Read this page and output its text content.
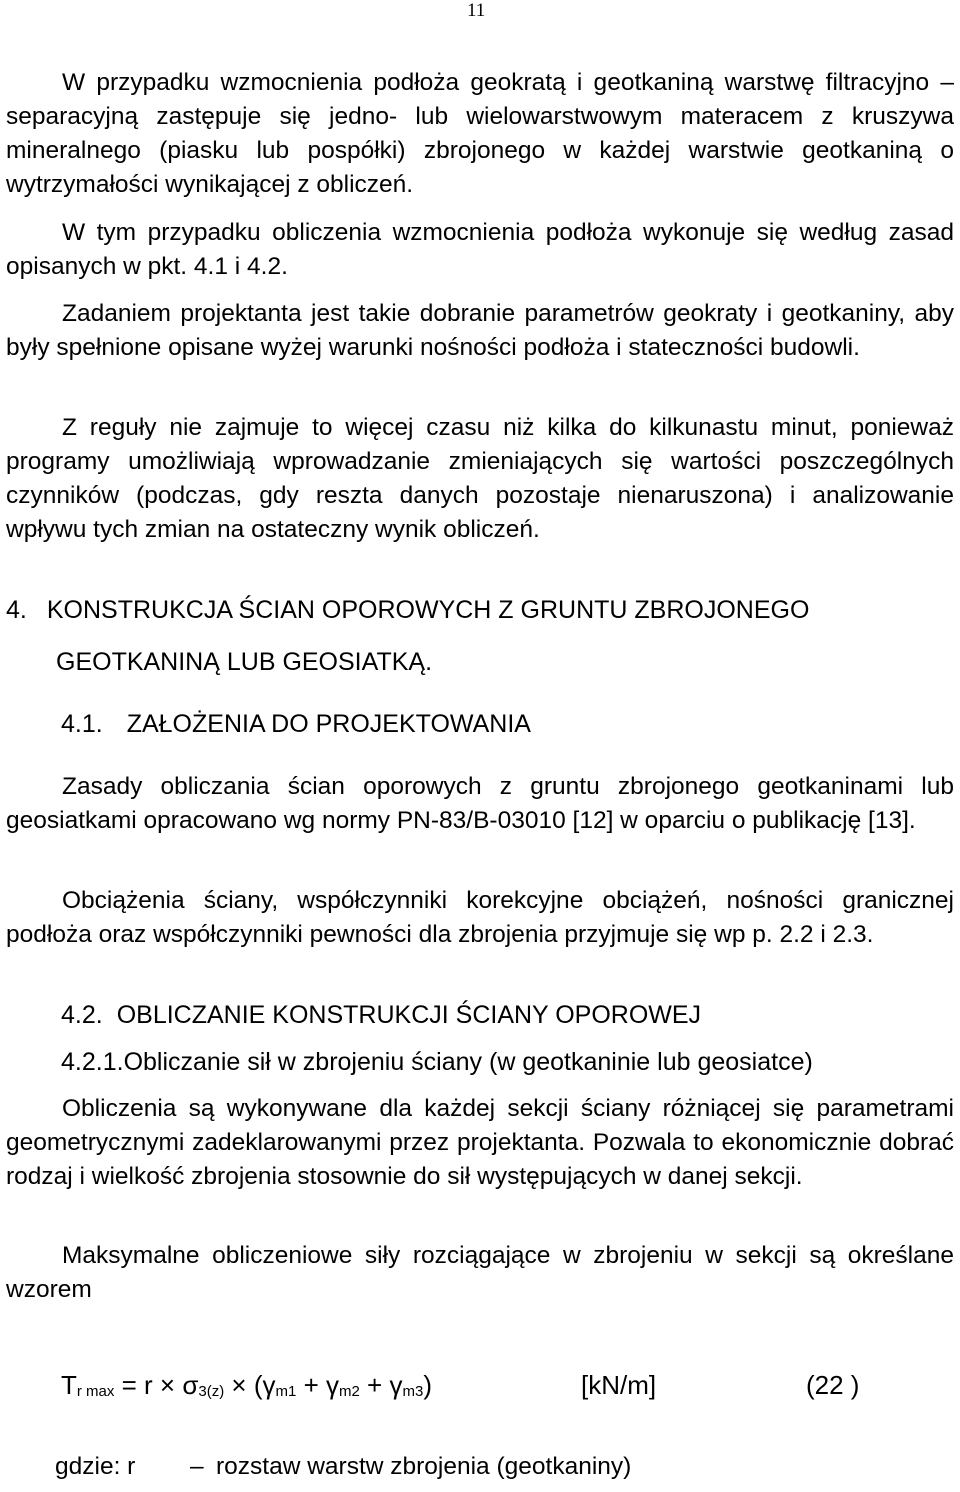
11

W przypadku wzmocnienia podłoża geokratą i geotkaniną warstwę filtracyjno – separacyjną zastępuje się jedno- lub wielowarstwowym materacem z kruszywa mineralnego (piasku lub pospółki) zbrojonego w każdej warstwie geotkaniną o wytrzymałości wynikającej z obliczeń.

W tym przypadku obliczenia wzmocnienia podłoża wykonuje się według zasad opisanych w pkt. 4.1 i 4.2.

Zadaniem projektanta jest takie dobranie parametrów geokraty i geotkaniny, aby były spełnione opisane wyżej warunki nośności podłoża i stateczności budowli.

Z reguły nie zajmuje to więcej czasu niż kilka do kilkunastu minut, ponieważ programy umożliwiają wprowadzanie zmieniających się wartości poszczególnych czynników (podczas, gdy reszta danych pozostaje nienaruszona) i analizowanie wpływu tych zmian na ostateczny wynik obliczeń.

4. KONSTRUKCJA ŚCIAN OPOROWYCH Z GRUNTU ZBROJONEGO
GEOTKANINĄ LUB GEOSIATKĄ.
4.1. ZAŁOŻENIA DO PROJEKTOWANIA

Zasady obliczania ścian oporowych z gruntu zbrojonego geotkaninami lub geosiatkami opracowano wg normy PN-83/B-03010 [12] w oparciu o publikację [13].

Obciążenia ściany, współczynniki korekcyjne obciążeń, nośności granicznej podłoża oraz współczynniki pewności dla zbrojenia przyjmuje się wp p. 2.2 i 2.3.

4.2. OBLICZANIE KONSTRUKCJI ŚCIANY OPOROWEJ
4.2.1.Obliczanie sił w zbrojeniu ściany (w geotkaninie lub geosiatce)

Obliczenia są wykonywane dla każdej sekcji ściany różniącej się parametrami geometrycznymi zadeklarowanymi przez projektanta. Pozwala to ekonomicznie dobrać rodzaj i wielkość zbrojenia stosownie do sił występujących w danej sekcji.

Maksymalne obliczeniowe siły rozciągające w zbrojeniu w sekcji są określane wzorem

$T_{r max} = r \times \sigma_{3(z)} \times (\gamma_{m1} + \gamma_{m2} + \gamma_{m3})$	[kN/m]	(22 )
gdzie: r – rozstaw warstw zbrojenia (geotkaniny)
